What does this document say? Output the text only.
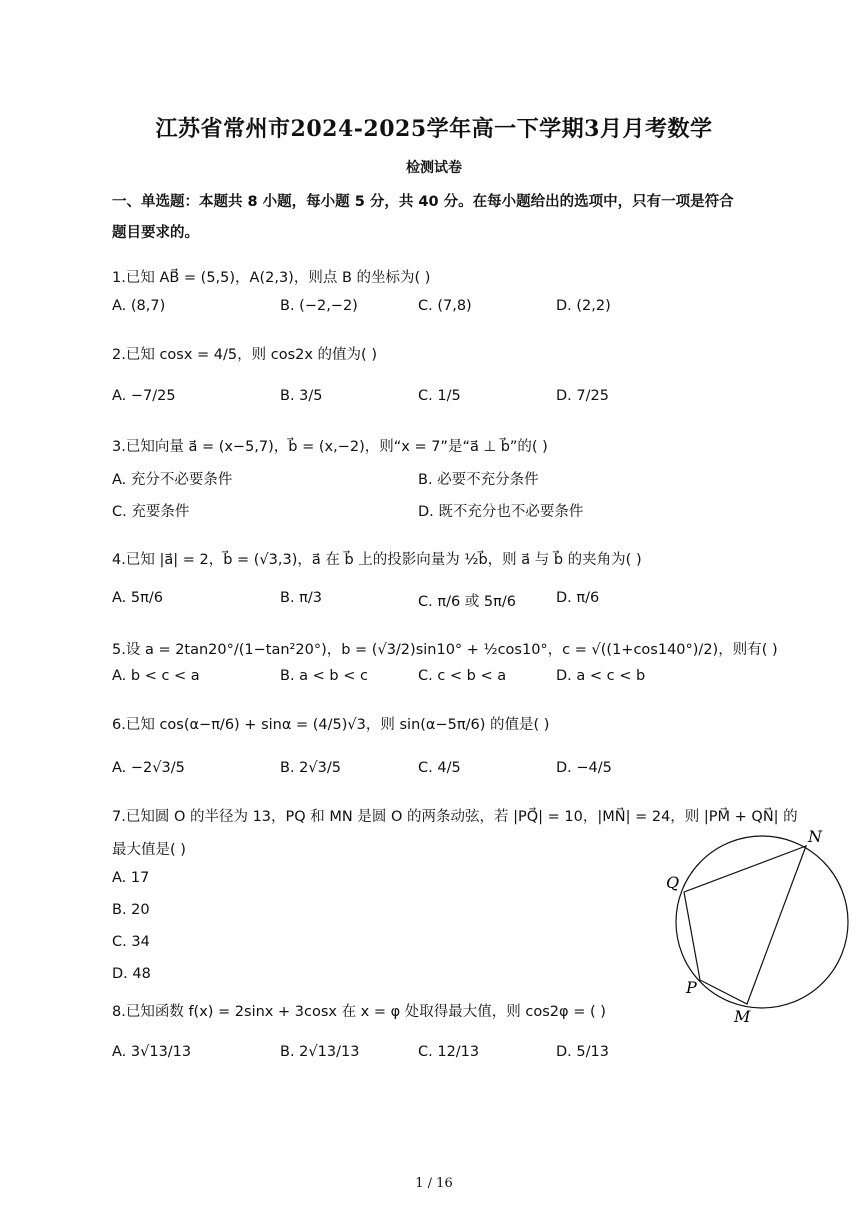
江苏省常州市2024-2025学年高一下学期3月月考数学
检测试卷
一、单选题：本题共 8 小题，每小题 5 分，共 40 分。在每小题给出的选项中，只有一项是符合
题目要求的。
1.已知 AB⃗ = (5,5)，A(2,3)，则点 B 的坐标为( )
A. (8,7)	B. (−2,−2)	C. (7,8)	D. (2,2)
2.已知 cosx = 4/5，则 cos2x 的值为( )
A. −7/25	B. 3/5	C. 1/5	D. 7/25
3.已知向量 a⃗ = (x−5,7)，b⃗ = (x,−2)，则“x = 7”是“a⃗ ⊥ b⃗”的( )
A. 充分不必要条件	B. 必要不充分条件
C. 充要条件	D. 既不充分也不必要条件
4.已知 |a⃗| = 2，b⃗ = (√3,3)，a⃗ 在 b⃗ 上的投影向量为 ½b⃗，则 a⃗ 与 b⃗ 的夹角为( )
A. 5π/6	B. π/3	C. π/6 或 5π/6	D. π/6
5.设 a = 2tan20°/(1−tan²20°)，b = (√3/2)sin10° + ½cos10°，c = √((1+cos140°)/2)，则有( )
A. b < c < a	B. a < b < c	C. c < b < a	D. a < c < b
6.已知 cos(α−π/6) + sinα = (4/5)√3，则 sin(α−5π/6) 的值是( )
A. −2√3/5	B. 2√3/5	C. 4/5	D. −4/5
7.已知圆 O 的半径为 13，PQ 和 MN 是圆 O 的两条动弦，若 |PQ⃗| = 10，|MN⃗| = 24，则 |PM⃗ + QN⃗| 的
最大值是( )
A. 17
B. 20
C. 34
D. 48
N
Q
P
M
8.已知函数 f(x) = 2sinx + 3cosx 在 x = φ 处取得最大值，则 cos2φ = ( )
A. 3√13/13	B. 2√13/13	C. 12/13	D. 5/13
1 / 16
